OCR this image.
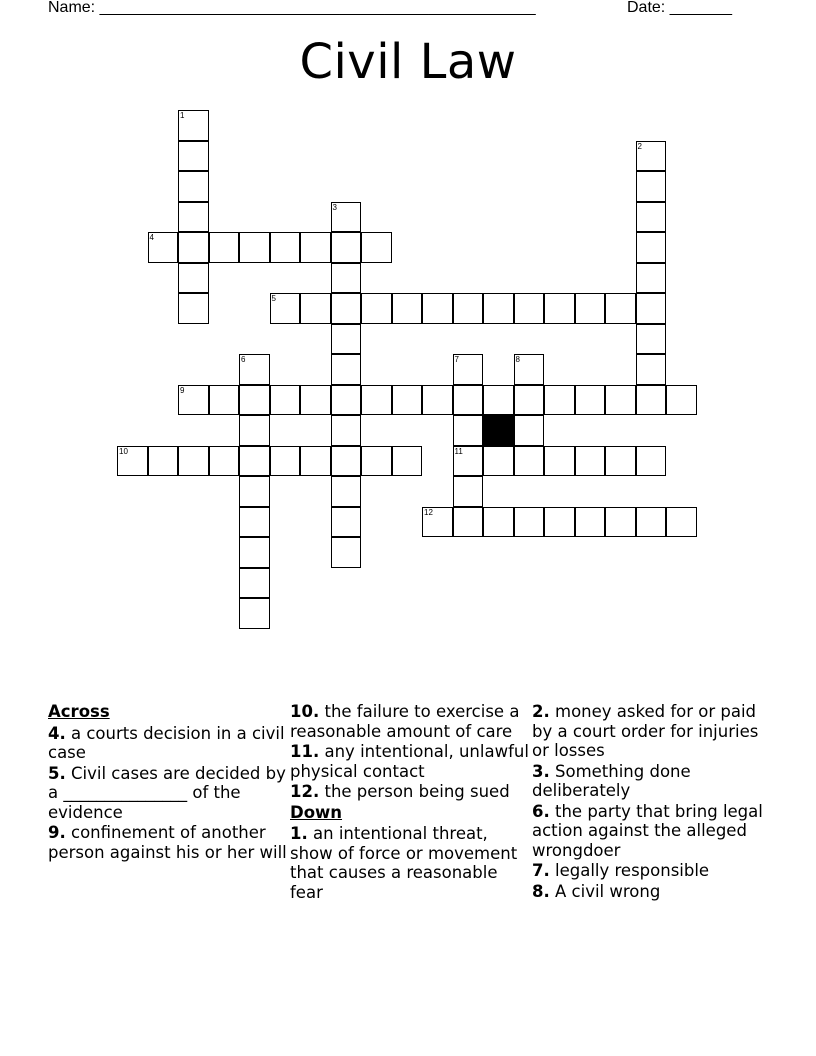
Name: _________________________________________________	Date: _______
Civil Law
1
2
3
4
5
6	7
11
8
9
10
12
Across
4. a courts decision in a civil case
5. Civil cases are decided by a _______________ of the evidence
9. confinement of another person against his or her will
10. the failure to exercise a reasonable amount of care
11. any intentional, unlawful physical contact
12. the person being sued
Down
1. an intentional threat, show of force or movement that causes a reasonable fear
2. money asked for or paid by a court order for injuries or losses
3. Something done deliberately
6. the party that bring legal action against the alleged wrongdoer
7. legally responsible
8. A civil wrong
